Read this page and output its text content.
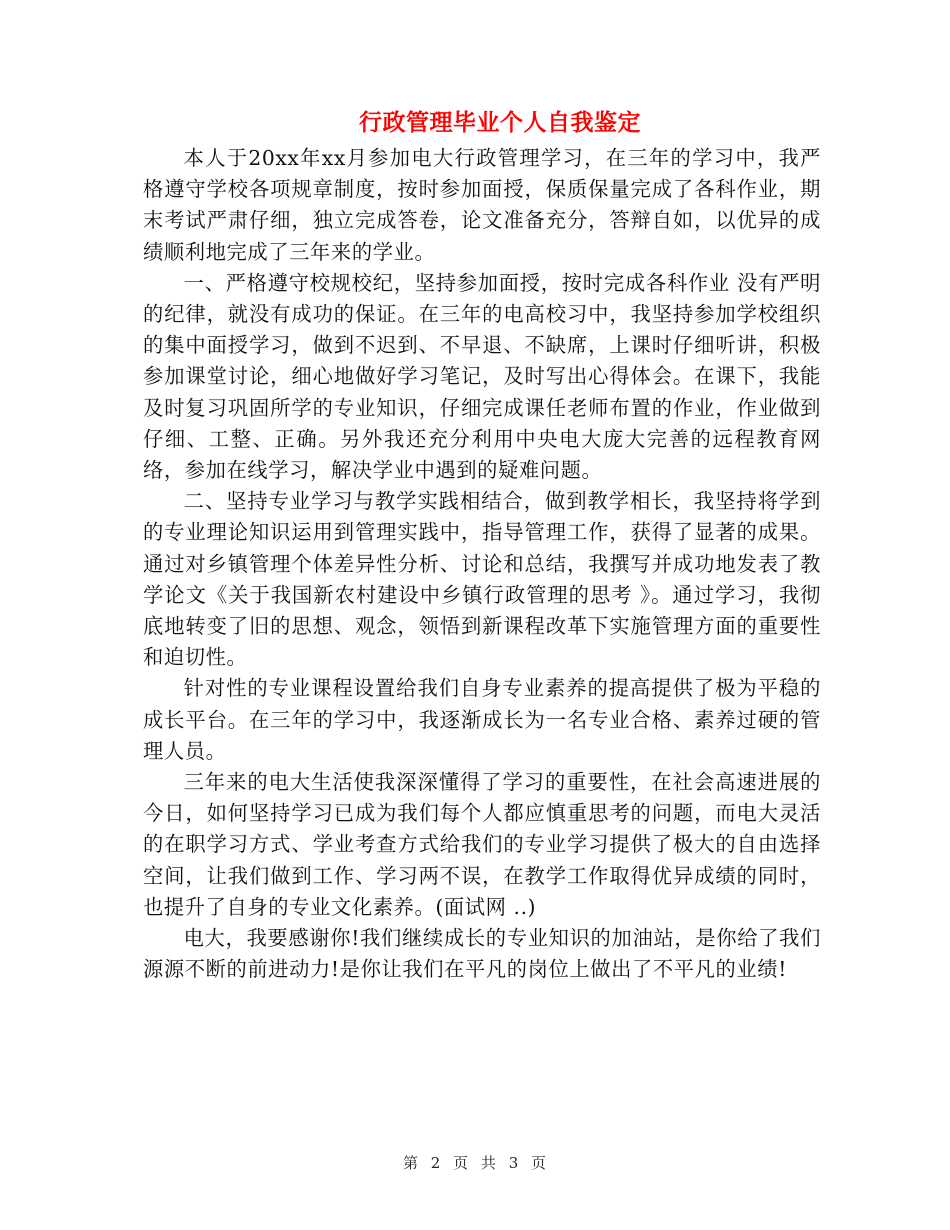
行政管理毕业个人自我鉴定

本人于20xx年xx月参加电大行政管理学习，在三年的学习中，我严格遵守学校各项规章制度，按时参加面授，保质保量完成了各科作业，期末考试严肃仔细，独立完成答卷，论文准备充分，答辩自如，以优异的成绩顺利地完成了三年来的学业。

一、严格遵守校规校纪，坚持参加面授，按时完成各科作业 没有严明的纪律，就没有成功的保证。在三年的电高校习中，我坚持参加学校组织的集中面授学习，做到不迟到、不早退、不缺席，上课时仔细听讲，积极参加课堂讨论，细心地做好学习笔记，及时写出心得体会。在课下，我能及时复习巩固所学的专业知识，仔细完成课任老师布置的作业，作业做到仔细、工整、正确。另外我还充分利用中央电大庞大完善的远程教育网络，参加在线学习，解决学业中遇到的疑难问题。

二、坚持专业学习与教学实践相结合，做到教学相长，我坚持将学到的专业理论知识运用到管理实践中，指导管理工作，获得了显著的成果。通过对乡镇管理个体差异性分析、讨论和总结，我撰写并成功地发表了教学论文《关于我国新农村建设中乡镇行政管理的思考 》。通过学习，我彻底地转变了旧的思想、观念，领悟到新课程改革下实施管理方面的重要性和迫切性。

针对性的专业课程设置给我们自身专业素养的提高提供了极为平稳的成长平台。在三年的学习中，我逐渐成长为一名专业合格、素养过硬的管理人员。

三年来的电大生活使我深深懂得了学习的重要性，在社会高速进展的今日，如何坚持学习已成为我们每个人都应慎重思考的问题，而电大灵活的在职学习方式、学业考查方式给我们的专业学习提供了极大的自由选择空间，让我们做到工作、学习两不误，在教学工作取得优异成绩的同时，也提升了自身的专业文化素养。(面试网 ..)

电大，我要感谢你!我们继续成长的专业知识的加油站，是你给了我们源源不断的前进动力!是你让我们在平凡的岗位上做出了不平凡的业绩!

第 2 页 共 3 页
